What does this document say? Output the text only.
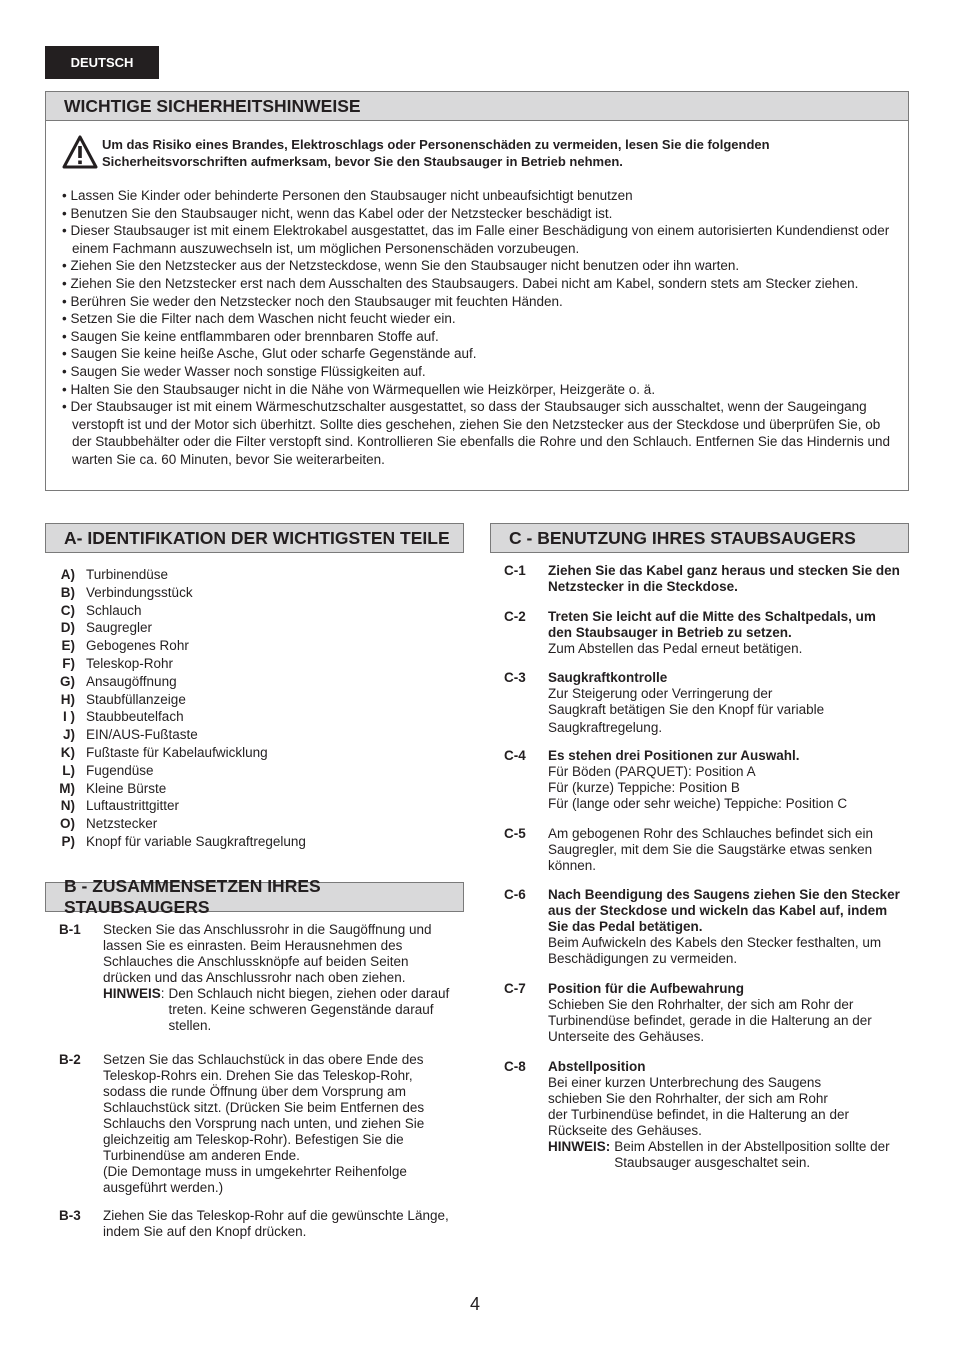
DEUTSCH
WICHTIGE SICHERHEITSHINWEISE
Um das Risiko eines Brandes, Elektroschlags oder Personenschäden zu vermeiden, lesen Sie die folgenden Sicherheitsvorschriften aufmerksam, bevor Sie den Staubsauger in Betrieb nehmen.
• Lassen Sie Kinder oder behinderte Personen den Staubsauger nicht unbeaufsichtigt benutzen
• Benutzen Sie den Staubsauger nicht, wenn das Kabel oder der Netzstecker beschädigt ist.
• Dieser Staubsauger ist mit einem Elektrokabel ausgestattet, das im Falle einer Beschädigung von einem autorisierten Kundendienst oder einem Fachmann auszuwechseln ist, um möglichen Personenschäden vorzubeugen.
• Ziehen Sie den Netzstecker aus der Netzsteckdose, wenn Sie den Staubsauger nicht benutzen oder ihn warten.
• Ziehen Sie den Netzstecker erst nach dem Ausschalten des Staubsaugers. Dabei nicht am Kabel, sondern stets am Stecker ziehen.
• Berühren Sie weder den Netzstecker noch den Staubsauger mit feuchten Händen.
• Setzen Sie die Filter nach dem Waschen nicht feucht wieder ein.
• Saugen Sie keine entflammbaren oder brennbaren Stoffe auf.
• Saugen Sie keine heiße Asche, Glut oder scharfe Gegenstände auf.
• Saugen Sie weder Wasser noch sonstige Flüssigkeiten auf.
• Halten Sie den Staubsauger nicht in die Nähe von Wärmequellen wie Heizkörper, Heizgeräte o. ä.
• Der Staubsauger ist mit einem Wärmeschutzschalter ausgestattet, so dass der Staubsauger sich ausschaltet, wenn der Saugeingang verstopft ist und der Motor sich überhitzt. Sollte dies geschehen, ziehen Sie den Netzstecker aus der Steckdose und überprüfen Sie, ob der Staubbehälter oder die Filter verstopft sind. Kontrollieren Sie ebenfalls die Rohre und den Schlauch. Entfernen Sie das Hindernis und warten Sie ca. 60 Minuten, bevor Sie weiterarbeiten.
A- IDENTIFIKATION DER WICHTIGSTEN TEILE
A) Turbinendüse
B) Verbindungsstück
C) Schlauch
D) Saugregler
E) Gebogenes Rohr
F) Teleskop-Rohr
G) Ansaugöffnung
H) Staubfüllanzeige
I ) Staubbeutelfach
J) EIN/AUS-Fußtaste
K) Fußtaste für Kabelaufwicklung
L) Fugendüse
M) Kleine Bürste
N) Luftaustrittgitter
O) Netzstecker
P) Knopf für variable Saugkraftregelung
B - ZUSAMMENSETZEN IHRES STAUBSAUGERS
B-1	Stecken Sie das Anschlussrohr in die Saugöffnung und lassen Sie es einrasten. Beim Herausnehmen des Schlauches die Anschlussknöpfe auf beiden Seiten drücken und das Anschlussrohr nach oben ziehen.
HINWEIS : Den Schlauch nicht biegen, ziehen oder darauf treten. Keine schweren Gegenstände darauf stellen.
B-2	Setzen Sie das Schlauchstück in das obere Ende des Teleskop-Rohrs ein. Drehen Sie das Teleskop-Rohr, sodass die runde Öffnung über dem Vorsprung am Schlauchstück sitzt. (Drücken Sie beim Entfernen des Schlauchs den Vorsprung nach unten, und ziehen Sie gleichzeitig am Teleskop-Rohr). Befestigen Sie die Turbinendüse am anderen Ende.
(Die Demontage muss in umgekehrter Reihenfolge ausgeführt werden.)
B-3	Ziehen Sie das Teleskop-Rohr auf die gewünschte Länge, indem Sie auf den Knopf drücken.
C - BENUTZUNG IHRES STAUBSAUGERS
C-1	Ziehen Sie das Kabel ganz heraus und stecken Sie den Netzstecker in die Steckdose.
C-2	Treten Sie leicht auf die Mitte des Schaltpedals, um den Staubsauger in Betrieb zu setzen.
Zum Abstellen das Pedal erneut betätigen.
C-3	Saugkraftkontrolle
Zur Steigerung oder Verringerung der
Saugkraft betätigen Sie den Knopf für variable
Saugkraftregelung.
C-4	Es stehen drei Positionen zur Auswahl.
Für Böden (PARQUET): Position A
Für (kurze) Teppiche: Position B
Für (lange oder sehr weiche) Teppiche: Position C
C-5	Am gebogenen Rohr des Schlauches befindet sich ein Saugregler, mit dem Sie die Saugstärke etwas senken können.
C-6	Nach Beendigung des Saugens ziehen Sie den Stecker aus der Steckdose und wickeln das Kabel auf, indem Sie das Pedal betätigen.
Beim Aufwickeln des Kabels den Stecker festhalten, um Beschädigungen zu vermeiden.
C-7	Position für die Aufbewahrung
Schieben Sie den Rohrhalter, der sich am Rohr der Turbinendüse befindet, gerade in die Halterung an der Unterseite des Gehäuses.
C-8	Abstellposition
Bei einer kurzen Unterbrechung des Saugens
schieben Sie den Rohrhalter, der sich am Rohr
der Turbinendüse befindet, in die Halterung an der
Rückseite des Gehäuses.
HINWEIS: Beim Abstellen in der Abstellposition sollte der Staubsauger ausgeschaltet sein.
4
